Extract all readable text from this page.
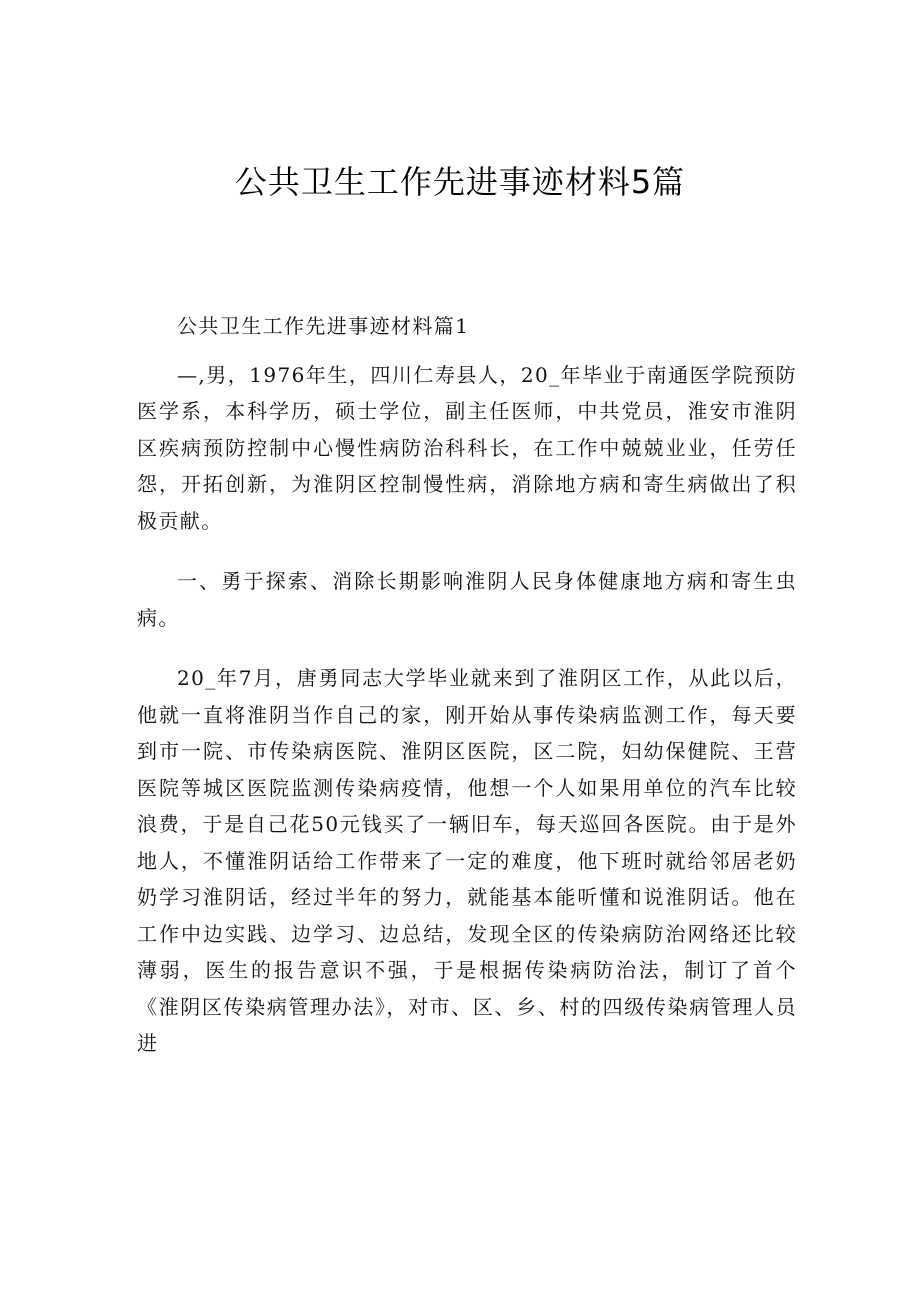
公共卫生工作先进事迹材料5篇

公共卫生工作先进事迹材料篇1

—,男，1976年生，四川仁寿县人，20_年毕业于南通医学院预防医学系，本科学历，硕士学位，副主任医师，中共党员，淮安市淮阴区疾病预防控制中心慢性病防治科科长，在工作中兢兢业业，任劳任怨，开拓创新，为淮阴区控制慢性病，消除地方病和寄生病做出了积极贡献。

一、勇于探索、消除长期影响淮阴人民身体健康地方病和寄生虫病。

20_年7月，唐勇同志大学毕业就来到了淮阴区工作，从此以后，他就一直将淮阴当作自己的家，刚开始从事传染病监测工作，每天要到市一院、市传染病医院、淮阴区医院，区二院，妇幼保健院、王营医院等城区医院监测传染病疫情，他想一个人如果用单位的汽车比较浪费，于是自己花50元钱买了一辆旧车，每天巡回各医院。由于是外地人，不懂淮阴话给工作带来了一定的难度，他下班时就给邻居老奶奶学习淮阴话，经过半年的努力，就能基本能听懂和说淮阴话。他在工作中边实践、边学习、边总结，发现全区的传染病防治网络还比较薄弱，医生的报告意识不强，于是根据传染病防治法，制订了首个《淮阴区传染病管理办法》，对市、区、乡、村的四级传染病管理人员进
